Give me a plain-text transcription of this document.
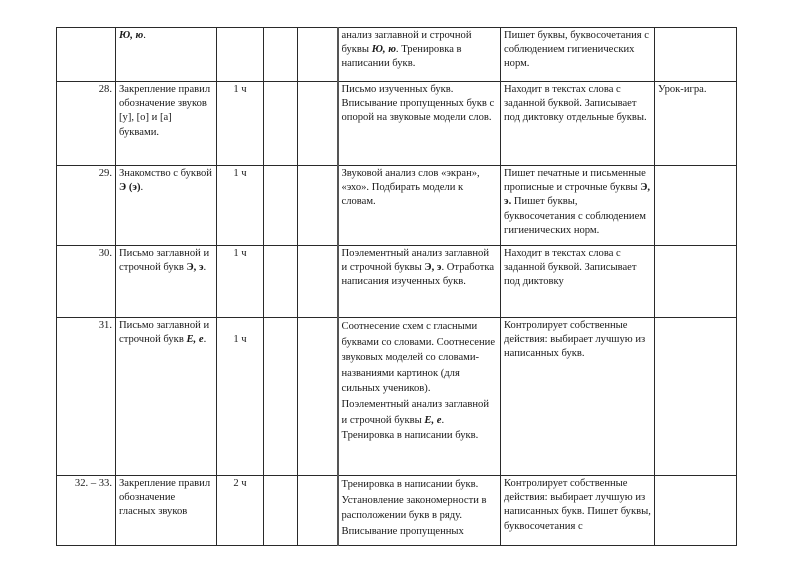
	Ю, ю.				анализ заглавной и строчной буквы Ю, ю. Тренировка в написании букв.	Пишет буквы, буквосочетания с соблюдением гигиенических норм.	
28.	Закрепление правил обозначение звуков [у], [о] и [а] буквами.	1 ч			Письмо изученных букв. Вписывание пропущенных букв с опорой на звуковые модели слов.	Находит в текстах слова с заданной буквой. Записывает под диктовку отдельные буквы.	Урок-игра.
29.	Знакомство с буквой Э (э).	1 ч			Звуковой анализ слов «экран», «эхо». Подбирать модели к словам.	Пишет печатные и письменные прописные и строчные буквы Э, э. Пишет буквы, буквосочетания с соблюдением гигиенических норм.	
30.	Письмо заглавной и строчной букв Э, э.	1 ч			Поэлементный анализ заглавной и строчной буквы Э, э. Отработка написания изученных букв.	Находит в текстах слова с заданной буквой. Записывает под диктовку	
31.	Письмо заглавной и строчной букв Е, е.	1 ч			Соотнесение схем с гласными буквами со словами. Соотнесение звуковых моделей со словами-названиями картинок (для сильных учеников). Поэлементный анализ заглавной и строчной буквы Е, е. Тренировка в написании букв.	Контролирует собственные действия: выбирает лучшую из написанных букв.	
32. – 33.	Закрепление правил обозначение гласных звуков	2 ч			Тренировка в написании букв. Установление закономерности в расположении букв в ряду. Вписывание пропущенных	Контролирует собственные действия: выбирает лучшую из написанных букв. Пишет буквы, буквосочетания с	
